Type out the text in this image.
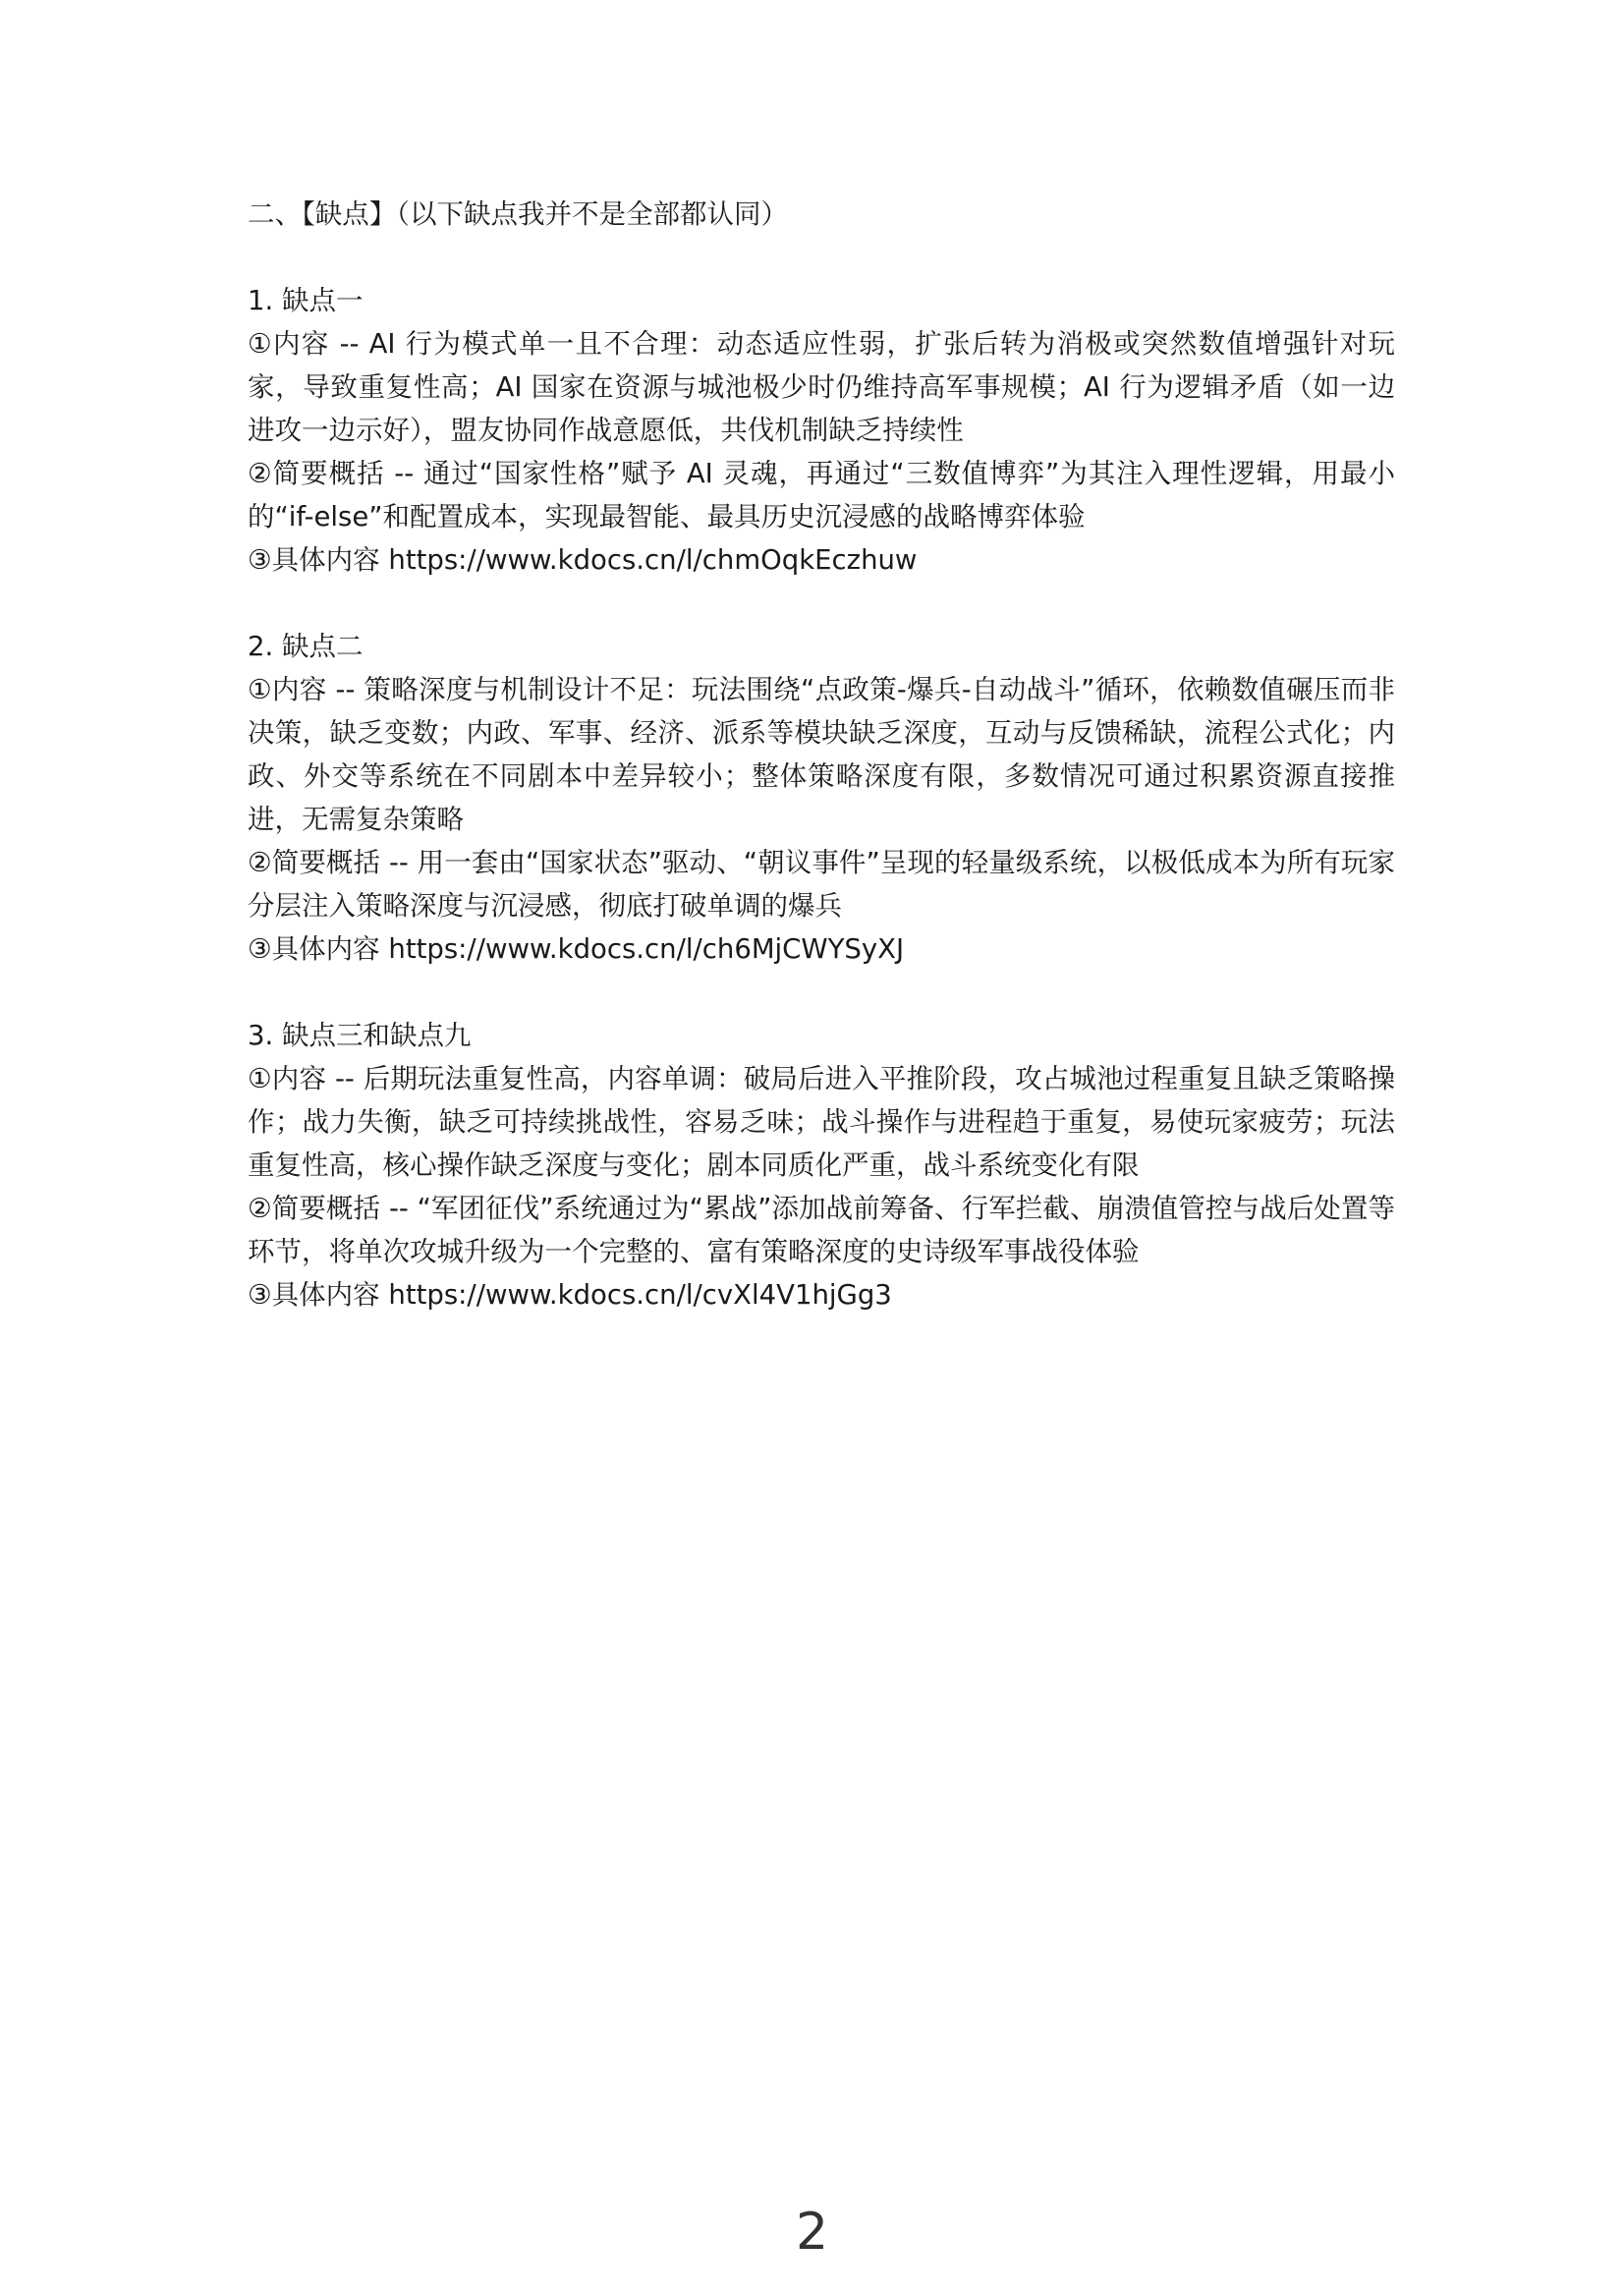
二、【缺点】（以下缺点我并不是全部都认同）
1. 缺点一
①内容 -- AI 行为模式单一且不合理：动态适应性弱，扩张后转为消极或突然数值增强针对玩家，导致重复性高；AI 国家在资源与城池极少时仍维持高军事规模；AI 行为逻辑矛盾（如一边进攻一边示好），盟友协同作战意愿低，共伐机制缺乏持续性
②简要概括 -- 通过“国家性格”赋予 AI 灵魂，再通过“三数值博弈”为其注入理性逻辑，用最小的“if-else”和配置成本，实现最智能、最具历史沉浸感的战略博弈体验
③具体内容 https://www.kdocs.cn/l/chmOqkEczhuw
2. 缺点二
①内容 -- 策略深度与机制设计不足：玩法围绕“点政策-爆兵-自动战斗”循环，依赖数值碾压而非决策，缺乏变数；内政、军事、经济、派系等模块缺乏深度，互动与反馈稀缺，流程公式化；内政、外交等系统在不同剧本中差异较小；整体策略深度有限，多数情况可通过积累资源直接推进，无需复杂策略
②简要概括 -- 用一套由“国家状态”驱动、“朝议事件”呈现的轻量级系统，以极低成本为所有玩家分层注入策略深度与沉浸感，彻底打破单调的爆兵
③具体内容 https://www.kdocs.cn/l/ch6MjCWYSyXJ
3. 缺点三和缺点九
①内容 -- 后期玩法重复性高，内容单调：破局后进入平推阶段，攻占城池过程重复且缺乏策略操作；战力失衡，缺乏可持续挑战性，容易乏味；战斗操作与进程趋于重复，易使玩家疲劳；玩法重复性高，核心操作缺乏深度与变化；剧本同质化严重，战斗系统变化有限
②简要概括 -- “军团征伐”系统通过为“累战”添加战前筹备、行军拦截、崩溃值管控与战后处置等环节，将单次攻城升级为一个完整的、富有策略深度的史诗级军事战役体验
③具体内容 https://www.kdocs.cn/l/cvXl4V1hjGg3
2
